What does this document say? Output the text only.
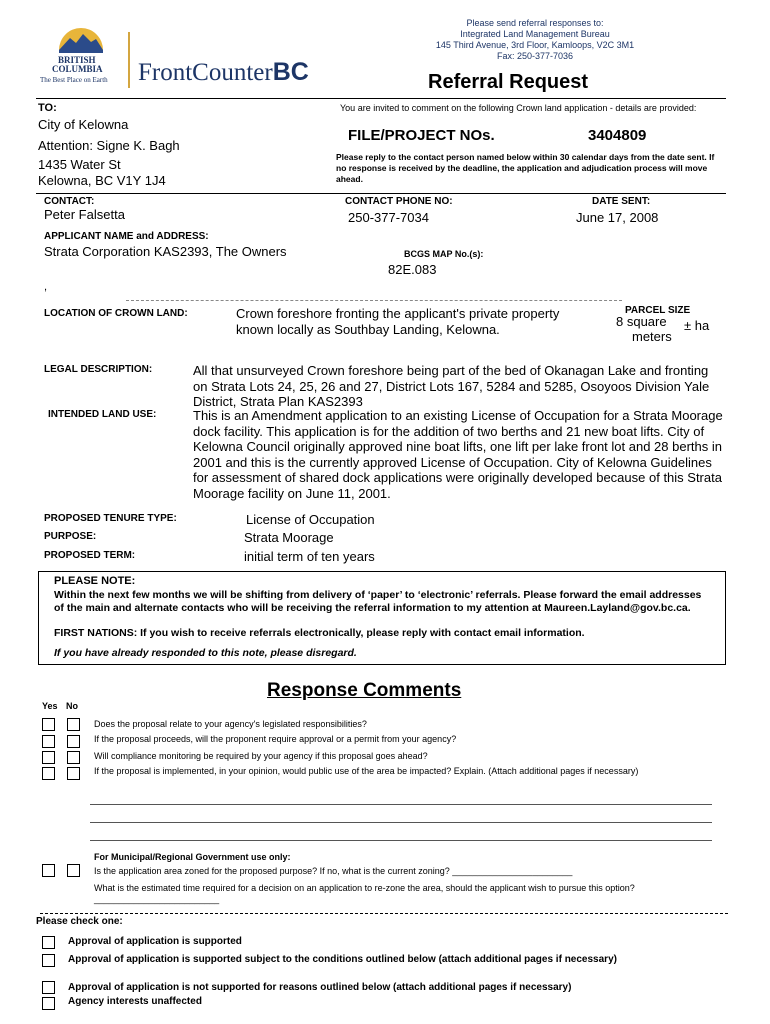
BRITISH
COLUMBIA
The Best Place on Earth FrontCounterBC
Please send referral responses to:
Integrated Land Management Bureau
145 Third Avenue, 3rd Floor, Kamloops, V2C 3M1
Fax: 250-377-7036
Referral Request
TO:
City of Kelowna
Attention: Signe K. Bagh
1435 Water St
Kelowna, BC V1Y 1J4
You are invited to comment on the following Crown land application - details are provided:
FILE/PROJECT NOs.	3404809
Please reply to the contact person named below within 30 calendar days from the date sent. If no response is received by the deadline, the application and adjudication process will move ahead.
CONTACT:
Peter Falsetta
CONTACT PHONE NO:
250-377-7034
DATE SENT:
June 17, 2008
APPLICANT NAME and ADDRESS:
Strata Corporation KAS2393, The Owners	BCGS MAP No.(s):
82E.083
,
LOCATION OF CROWN LAND:	Crown foreshore fronting the applicant's private property known locally as Southbay Landing, Kelowna.
PARCEL SIZE
8 square ± ha
meters
LEGAL DESCRIPTION:	All that unsurveyed Crown foreshore being part of the bed of Okanagan Lake and fronting on Strata Lots 24, 25, 26 and 27, District Lots 167, 5284 and 5285, Osoyoos Division Yale District, Strata Plan KAS2393
INTENDED LAND USE:	This is an Amendment application to an existing License of Occupation for a Strata Moorage dock facility. This application is for the addition of two berths and 21 new boat lifts. City of Kelowna Council originally approved nine boat lifts, one lift per lake front lot and 28 berths in 2001 and this is the currently approved License of Occupation. City of Kelowna Guidelines for assessment of shared dock applications were originally developed because of this Strata Moorage facility on June 11, 2001.
PROPOSED TENURE TYPE:	License of Occupation
PURPOSE:	Strata Moorage
PROPOSED TERM:	initial term of ten years
PLEASE NOTE:
Within the next few months we will be shifting from delivery of ‘paper’ to ‘electronic’ referrals. Please forward the email addresses of the main and alternate contacts who will be receiving the referral information to my attention at Maureen.Layland@gov.bc.ca.
FIRST NATIONS: If you wish to receive referrals electronically, please reply with contact email information.
If you have already responded to this note, please disregard.
Response Comments
Yes No
Does the proposal relate to your agency's legislated responsibilities?
If the proposal proceeds, will the proponent require approval or a permit from your agency?
Will compliance monitoring be required by your agency if this proposal goes ahead?
If the proposal is implemented, in your opinion, would public use of the area be impacted? Explain. (Attach additional pages if necessary)
For Municipal/Regional Government use only:
Is the application area zoned for the proposed purpose? If no, what is the current zoning? ________________________
What is the estimated time required for a decision on an application to re-zone the area, should the applicant wish to pursue this option?_________________________
Please check one:
Approval of application is supported
Approval of application is supported subject to the conditions outlined below (attach additional pages if necessary)
Approval of application is not supported for reasons outlined below (attach additional pages if necessary)
Agency interests unaffected
